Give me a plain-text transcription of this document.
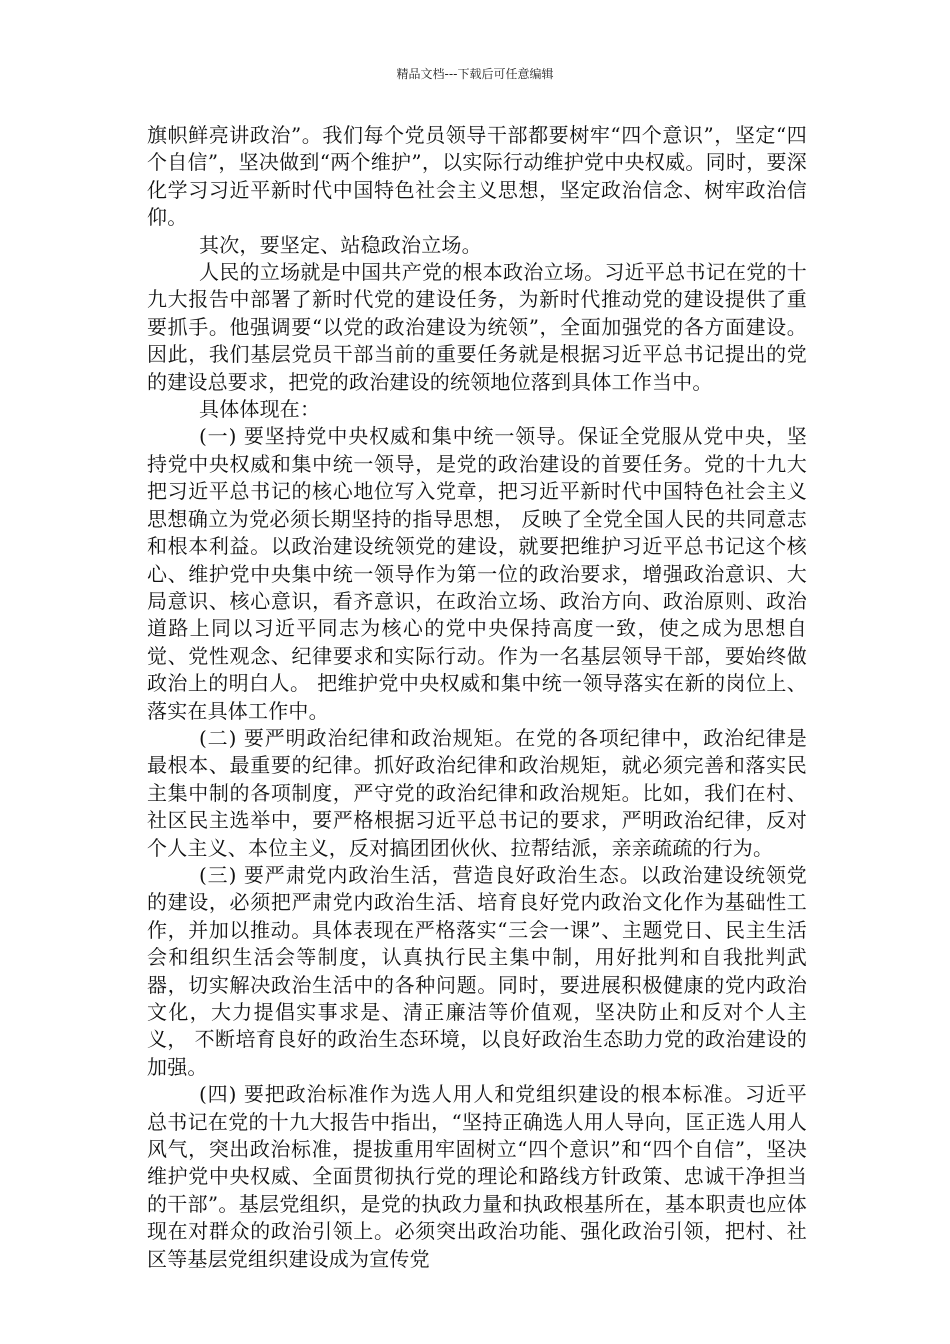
精品文档---下载后可任意编辑

旗帜鲜亮讲政治”。我们每个党员领导干部都要树牢“四个意识”，坚定“四个自信”，坚决做到“两个维护”，以实际行动维护党中央权威。同时，要深化学习习近平新时代中国特色社会主义思想，坚定政治信念、树牢政治信仰。

其次，要坚定、站稳政治立场。

人民的立场就是中国共产党的根本政治立场。习近平总书记在党的十九大报告中部署了新时代党的建设任务，为新时代推动党的建设提供了重要抓手。他强调要“以党的政治建设为统领”，全面加强党的各方面建设。因此，我们基层党员干部当前的重要任务就是根据习近平总书记提出的党的建设总要求，把党的政治建设的统领地位落到具体工作当中。

具体体现在：

(一) 要坚持党中央权威和集中统一领导。保证全党服从党中央，坚持党中央权威和集中统一领导，是党的政治建设的首要任务。党的十九大把习近平总书记的核心地位写入党章，把习近平新时代中国特色社会主义思想确立为党必须长期坚持的指导思想， 反映了全党全国人民的共同意志和根本利益。以政治建设统领党的建设，就要把维护习近平总书记这个核心、维护党中央集中统一领导作为第一位的政治要求，增强政治意识、大局意识、核心意识，看齐意识，在政治立场、政治方向、政治原则、政治道路上同以习近平同志为核心的党中央保持高度一致，使之成为思想自觉、党性观念、纪律要求和实际行动。作为一名基层领导干部，要始终做政治上的明白人。 把维护党中央权威和集中统一领导落实在新的岗位上、落实在具体工作中。

(二) 要严明政治纪律和政治规矩。在党的各项纪律中，政治纪律是最根本、最重要的纪律。抓好政治纪律和政治规矩，就必须完善和落实民主集中制的各项制度，严守党的政治纪律和政治规矩。比如，我们在村、社区民主选举中，要严格根据习近平总书记的要求，严明政治纪律，反对个人主义、本位主义，反对搞团团伙伙、拉帮结派，亲亲疏疏的行为。

(三) 要严肃党内政治生活，营造良好政治生态。以政治建设统领党的建设，必须把严肃党内政治生活、培育良好党内政治文化作为基础性工作，并加以推动。具体表现在严格落实“三会一课”、主题党日、民主生活会和组织生活会等制度，认真执行民主集中制，用好批判和自我批判武器，切实解决政治生活中的各种问题。同时，要进展积极健康的党内政治文化，大力提倡实事求是、清正廉洁等价值观，坚决防止和反对个人主义， 不断培育良好的政治生态环境，以良好政治生态助力党的政治建设的加强。

(四) 要把政治标准作为选人用人和党组织建设的根本标准。习近平总书记在党的十九大报告中指出，“坚持正确选人用人导向，匡正选人用人风气，突出政治标准，提拔重用牢固树立“四个意识”和“四个自信”，坚决维护党中央权威、全面贯彻执行党的理论和路线方针政策、忠诚干净担当的干部”。基层党组织，是党的执政力量和执政根基所在，基本职责也应体现在对群众的政治引领上。必须突出政治功能、强化政治引领，把村、社区等基层党组织建设成为宣传党
